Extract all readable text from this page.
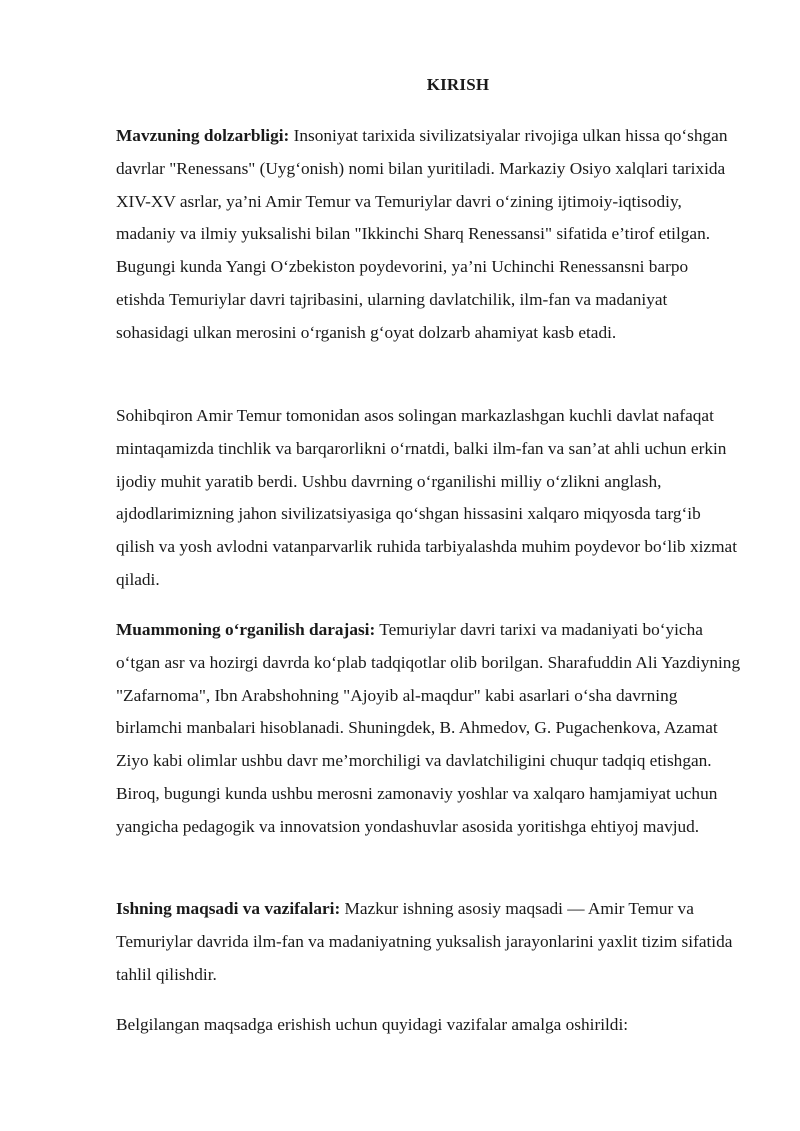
KIRISH

Mavzuning dolzarbligi: Insoniyat tarixida sivilizatsiyalar rivojiga ulkan hissa qo‘shgan davrlar "Renessans" (Uyg‘onish) nomi bilan yuritiladi. Markaziy Osiyo xalqlari tarixida XIV-XV asrlar, ya’ni Amir Temur va Temuriylar davri o‘zining ijtimoiy-iqtisodiy, madaniy va ilmiy yuksalishi bilan "Ikkinchi Sharq Renessansi" sifatida e’tirof etilgan. Bugungi kunda Yangi O‘zbekiston poydevorini, ya’ni Uchinchi Renessansni barpo etishda Temuriylar davri tajribasini, ularning davlatchilik, ilm-fan va madaniyat sohasidagi ulkan merosini o‘rganish g‘oyat dolzarb ahamiyat kasb etadi.

Sohibqiron Amir Temur tomonidan asos solingan markazlashgan kuchli davlat nafaqat mintaqamizda tinchlik va barqarorlikni o‘rnatdi, balki ilm-fan va san’at ahli uchun erkin ijodiy muhit yaratib berdi. Ushbu davrning o‘rganilishi milliy o‘zlikni anglash, ajdodlarimizning jahon sivilizatsiyasiga qo‘shgan hissasini xalqaro miqyosda targ‘ib qilish va yosh avlodni vatanparvarlik ruhida tarbiyalashda muhim poydevor bo‘lib xizmat qiladi.

Muammoning o‘rganilish darajasi: Temuriylar davri tarixi va madaniyati bo‘yicha o‘tgan asr va hozirgi davrda ko‘plab tadqiqotlar olib borilgan. Sharafuddin Ali Yazdiyning "Zafarnoma", Ibn Arabshohning "Ajoyib al-maqdur" kabi asarlari o‘sha davrning birlamchi manbalari hisoblanadi. Shuningdek, B. Ahmedov, G. Pugachenkova, Azamat Ziyo kabi olimlar ushbu davr me’morchiligi va davlatchiligini chuqur tadqiq etishgan. Biroq, bugungi kunda ushbu merosni zamonaviy yoshlar va xalqaro hamjamiyat uchun yangicha pedagogik va innovatsion yondashuvlar asosida yoritishga ehtiyoj mavjud.

Ishning maqsadi va vazifalari: Mazkur ishning asosiy maqsadi — Amir Temur va Temuriylar davrida ilm-fan va madaniyatning yuksalish jarayonlarini yaxlit tizim sifatida tahlil qilishdir.

Belgilangan maqsadga erishish uchun quyidagi vazifalar amalga oshirildi:
